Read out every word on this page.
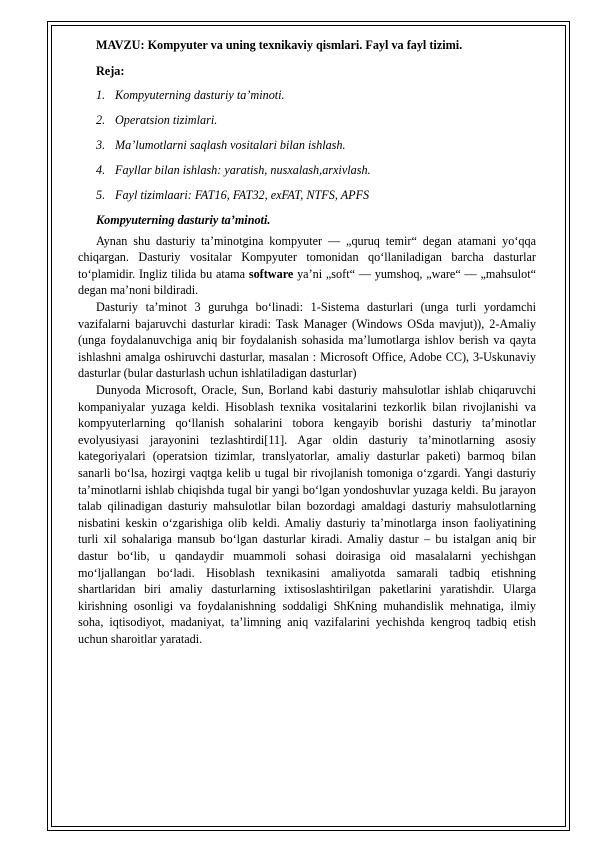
MAVZU: Kompyuter va uning texnikaviy qismlari. Fayl va fayl tizimi.

Reja:

1. Kompyuterning dasturiy ta’minoti.
2. Operatsion tizimlari.
3. Ma’lumotlarni saqlash vositalari bilan ishlash.
4. Fayllar bilan ishlash: yaratish, nusxalash,arxivlash.
5. Fayl tizimlaari: FAT16, FAT32, exFAT, NTFS, APFS

Kompyuterning dasturiy ta’minoti.

Aynan shu dasturiy ta’minotgina kompyuter — „quruq temir“ degan atamani yo‘qqa chiqargan. Dasturiy vositalar Kompyuter tomonidan qo‘llaniladigan barcha dasturlar to‘plamidir. Ingliz tilida bu atama software ya’ni „soft“ — yumshoq, „ware“ — „mahsulot“ degan ma’noni bildiradi.

Dasturiy ta’minot 3 guruhga bo‘linadi: 1-Sistema dasturlari (unga turli yordamchi vazifalarni bajaruvchi dasturlar kiradi: Task Manager (Windows OSda mavjut)), 2-Amaliy (unga foydalanuvchiga aniq bir foydalanish sohasida ma’lumotlarga ishlov berish va qayta ishlashni amalga oshiruvchi dasturlar, masalan : Microsoft Office, Adobe CC), 3-Uskunaviy dasturlar (bular dasturlash uchun ishlatiladigan dasturlar)

Dunyoda Microsoft, Oracle, Sun, Borland kabi dasturiy mahsulotlar ishlab chiqaruvchi kompaniyalar yuzaga keldi. Hisoblash texnika vositalarini tezkorlik bilan rivojlanishi va kompyuterlarning qo‘llanish sohalarini tobora kengayib borishi dasturiy ta’minotlar evolyusiyasi jarayonini tezlashtirdi[11]. Agar oldin dasturiy ta’minotlarning asosiy kategoriyalari (operatsion tizimlar, translyatorlar, amaliy dasturlar paketi) barmoq bilan sanarli bo‘lsa, hozirgi vaqtga kelib u tugal bir rivojlanish tomoniga o‘zgardi. Yangi dasturiy ta’minotlarni ishlab chiqishda tugal bir yangi bo‘lgan yondoshuvlar yuzaga keldi. Bu jarayon talab qilinadigan dasturiy mahsulotlar bilan bozordagi amaldagi dasturiy mahsulotlarning nisbatini keskin o‘zgarishiga olib keldi. Amaliy dasturiy ta’minotlarga inson faoliyatining turli xil sohalariga mansub bo‘lgan dasturlar kiradi. Amaliy dastur – bu istalgan aniq bir dastur bo‘lib, u qandaydir muammoli sohasi doirasiga oid masalalarni yechishgan mo‘ljallangan bo‘ladi. Hisoblash texnikasini amaliyotda samarali tadbiq etishning shartlaridan biri amaliy dasturlarning ixtisoslashtirilgan paketlarini yaratishdir. Ularga kirishning osonligi va foydalanishning soddaligi ShKning muhandislik mehnatiga, ilmiy soha, iqtisodiyot, madaniyat, ta’limning aniq vazifalarini yechishda kengroq tadbiq etish uchun sharoitlar yaratadi.
